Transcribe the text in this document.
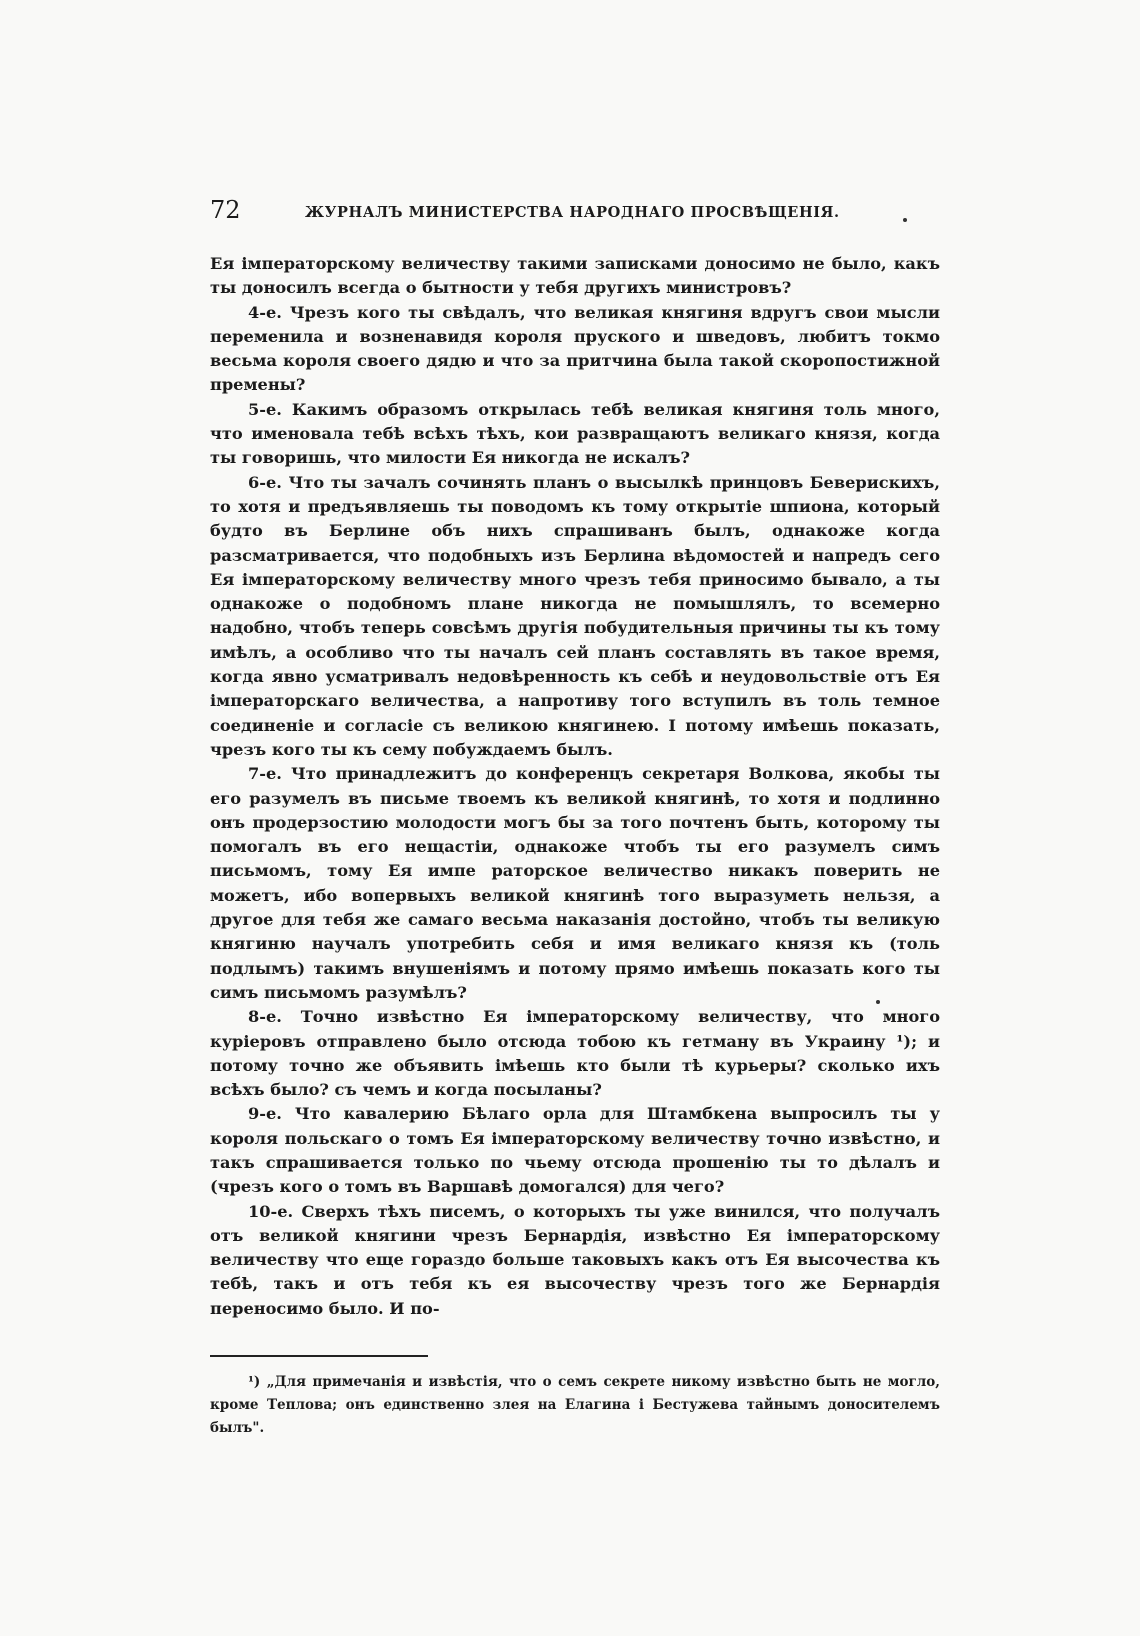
72	ЖУРНАЛЪ МИНИСТЕРСТВА НАРОДНАГО ПРОСВѢЩЕНІЯ.

Ея імператорскому величеству такими записками доносимо не было, какъ ты доносилъ всегда о бытности у тебя другихъ министровъ?

4-е. Чрезъ кого ты свѣдалъ, что великая княгиня вдругъ свои мысли переменила и возненавидя короля пруского и шведовъ, любитъ токмо весьма короля своего дядю и что за притчина была такой скоропостижной премены?

5-е. Какимъ образомъ открылась тебѣ великая княгиня толь много, что именовала тебѣ всѣхъ тѣхъ, кои развращаютъ великаго князя, когда ты говоришь, что милости Ея никогда не искалъ?

6-е. Что ты зачалъ сочинять планъ о высылкѣ принцовъ Беверискихъ, то хотя и предъявляешь ты поводомъ къ тому открытіе шпиона, который будто въ Берлине объ нихъ спрашиванъ былъ, однакоже когда разсматривается, что подобныхъ изъ Берлина вѣдомостей и напредъ сего Ея імператорскому величеству много чрезъ тебя приносимо бывало, а ты однакоже о подобномъ плане никогда не помышлялъ, то всемерно надобно, чтобъ теперь совсѣмъ другія побудительныя причины ты къ тому имѣлъ, а особливо что ты началъ сей планъ составлять въ такое время, когда явно усматривалъ недовѣренность къ себѣ и неудовольствіе отъ Ея імператорскаго величества, а напротиву того вступилъ въ толь темное соединеніе и согласіе съ великою княгинею. І потому имѣешь показать, чрезъ кого ты къ сему побуждаемъ былъ.

7-е. Что принадлежитъ до конференцъ секретаря Волкова, якобы ты его разумелъ въ письме твоемъ къ великой княгинѣ, то хотя и подлинно онъ продерзостию молодости могъ бы за того почтенъ быть, которому ты помогалъ въ его нещастіи, однакоже чтобъ ты его разумелъ симъ письмомъ, тому Ея импе раторское величество никакъ поверить не можетъ, ибо вопервыхъ великой княгинѣ того выразуметь нельзя, а другое для тебя же самаго весьма наказанія достойно, чтобъ ты великую княгиню научалъ употребить себя и имя великаго князя къ (толь подлымъ) такимъ внушеніямъ и потому прямо имѣешь показать кого ты симъ письмомъ разумѣлъ?

8-е. Точно извѣстно Ея імператорскому величеству, что много куріеровъ отправлено было отсюда тобою къ гетману въ Украину ¹); и потому точно же объявить імѣешь кто были тѣ курьеры? сколько ихъ всѣхъ было? съ чемъ и когда посыланы?

9-е. Что кавалерию Бѣлаго орла для Штамбкена выпросилъ ты у короля польскаго о томъ Ея імператорскому величеству точно извѣстно, и такъ спрашивается только по чьему отсюда прошенію ты то дѣлалъ и (чрезъ кого о томъ въ Варшавѣ домогался) для чего?

10-е. Сверхъ тѣхъ писемъ, о которыхъ ты уже винился, что получалъ отъ великой княгини чрезъ Бернардія, извѣстно Ея імператорскому величеству что еще гораздо больше таковыхъ какъ отъ Ея высочества къ тебѣ, такъ и отъ тебя къ ея высочеству чрезъ того же Бернардія переносимо было. И по-

¹) „Для примечанія и извѣстія, что о семъ секрете никому извѣстно быть не могло, кроме Теплова; онъ единственно злея на Елагина і Бестужева тайнымъ доносителемъ былъ".
